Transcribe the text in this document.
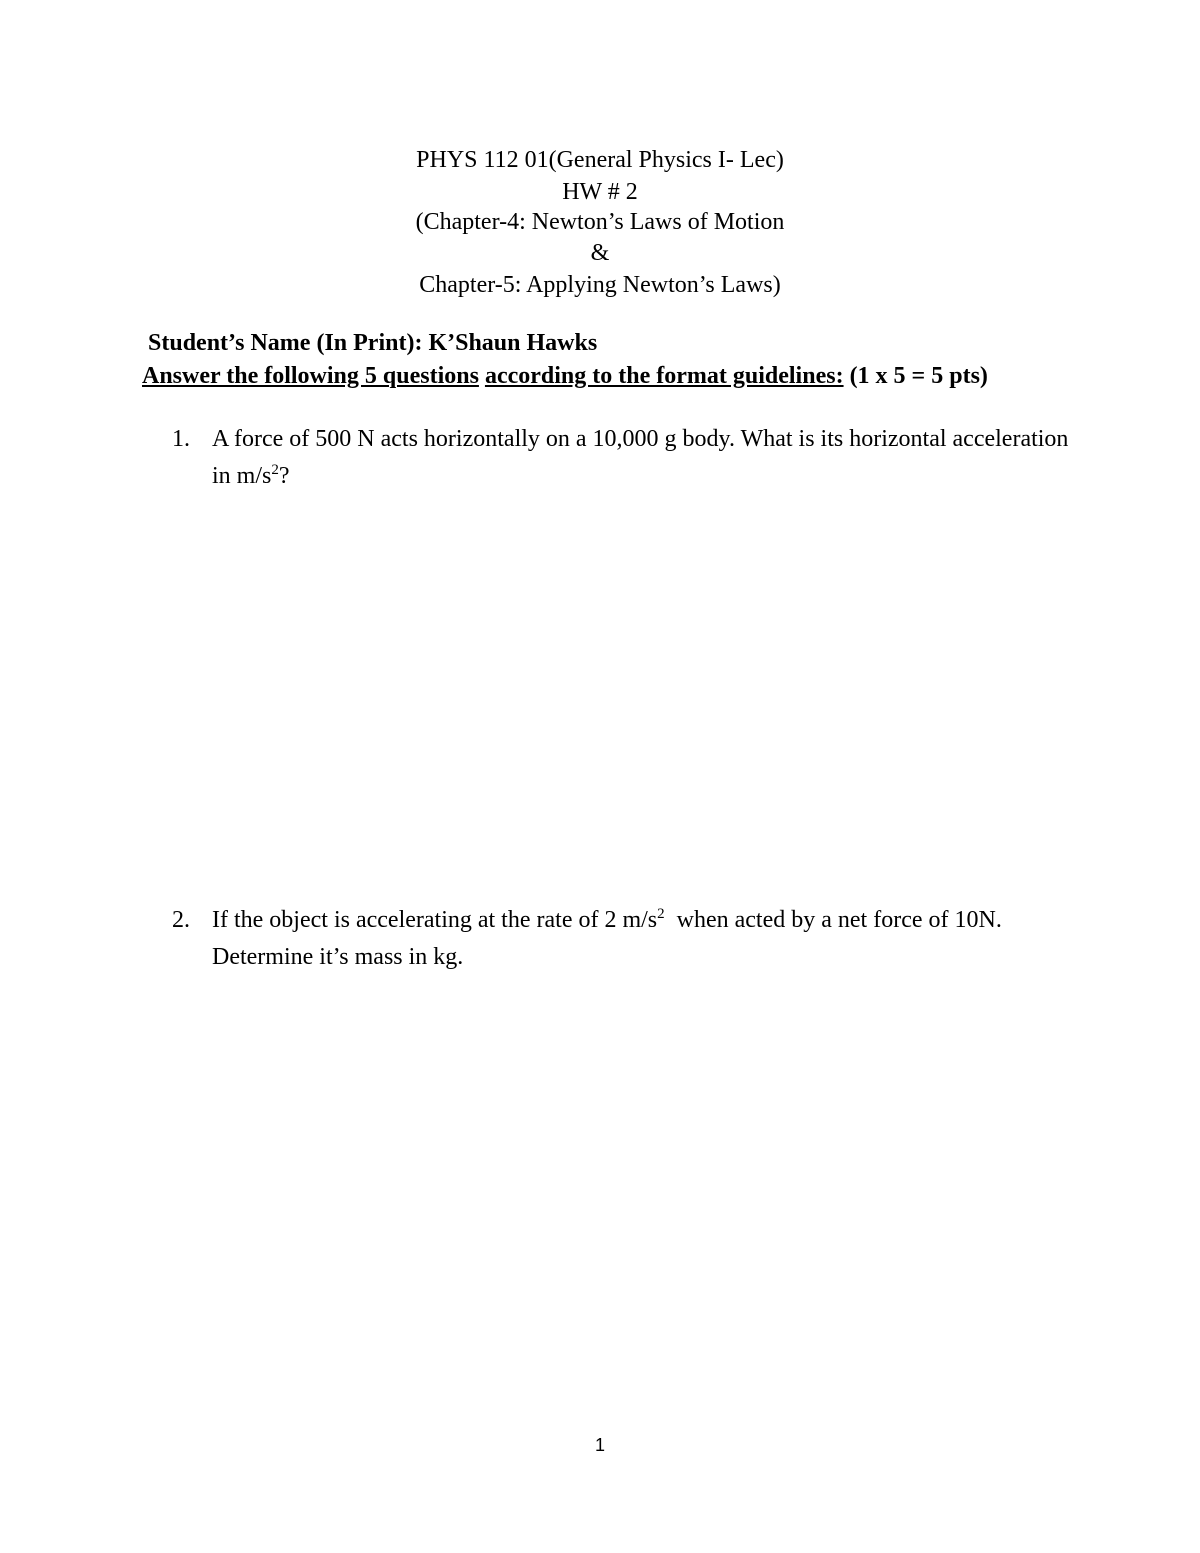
PHYS 112 01(General Physics I- Lec)
HW # 2
(Chapter-4: Newton’s Laws of Motion
&
Chapter-5: Applying Newton’s Laws)
Student’s Name (In Print): K’Shaun Hawks
Answer the following 5 questions according to the format guidelines: (1 x 5 = 5 pts)
1. A force of 500 N acts horizontally on a 10,000 g body. What is its horizontal acceleration in $m/s^2$?
2. If the object is accelerating at the rate of 2 $m/s^2$  when acted by a net force of 10N. Determine it’s mass in kg.
1
